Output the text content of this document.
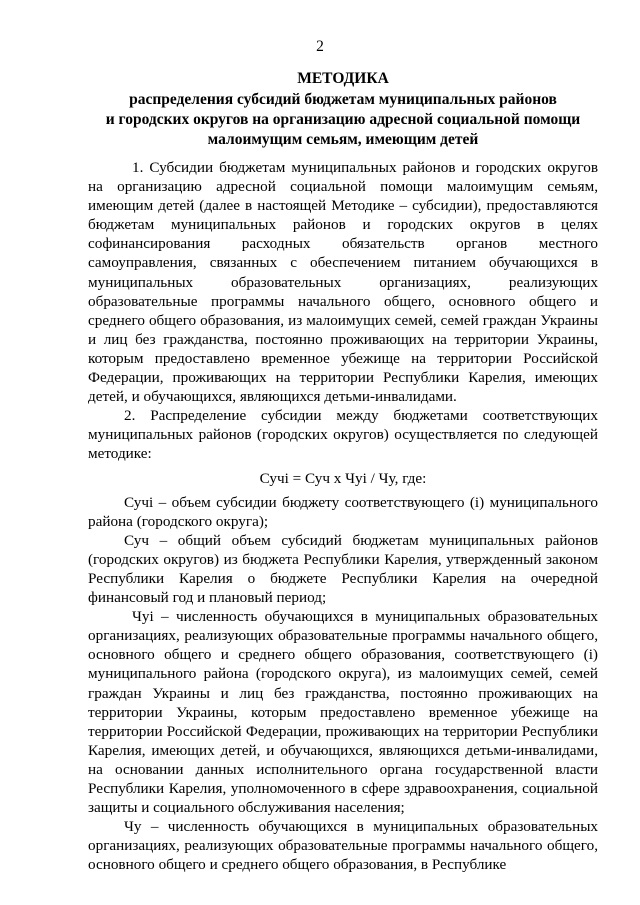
2
МЕТОДИКА
распределения субсидий бюджетам муниципальных районов
и городских округов на организацию адресной социальной помощи
малоимущим семьям, имеющим детей

1. Субсидии бюджетам муниципальных районов и городских округов на организацию адресной социальной помощи малоимущим семьям, имеющим детей (далее в настоящей Методике – субсидии), предоставляются бюджетам муниципальных районов и городских округов в целях софинансирования расходных обязательств органов местного самоуправления, связанных с обеспечением питанием обучающихся в муниципальных образовательных организациях, реализующих образовательные программы начального общего, основного общего и среднего общего образования, из малоимущих семей, семей граждан Украины и лиц без гражданства, постоянно проживающих на территории Украины, которым предоставлено временное убежище на территории Российской Федерации, проживающих на территории Республики Карелия, имеющих детей, и обучающихся, являющихся детьми-инвалидами.

2. Распределение субсидии между бюджетами соответствующих муниципальных районов (городских округов) осуществляется по следующей методике:

Сучі = Суч х Чуі / Чу, где:

Сучі – объем субсидии бюджету соответствующего (і) муниципального района (городского округа);

Суч – общий объем субсидий бюджетам муниципальных районов (городских округов) из бюджета Республики Карелия, утвержденный законом Республики Карелия о бюджете Республики Карелия на очередной финансовый год и плановый период;

Чуі – численность обучающихся в муниципальных образовательных организациях, реализующих образовательные программы начального общего, основного общего и среднего общего образования, соответствующего (і) муниципального района (городского округа), из малоимущих семей, семей граждан Украины и лиц без гражданства, постоянно проживающих на территории Украины, которым предоставлено временное убежище на территории Российской Федерации, проживающих на территории Республики Карелия, имеющих детей, и обучающихся, являющихся детьми-инвалидами, на основании данных исполнительного органа государственной власти Республики Карелия, уполномоченного в сфере здравоохранения, социальной защиты и социального обслуживания населения;

Чу – численность обучающихся в муниципальных образовательных организациях, реализующих образовательные программы начального общего, основного общего и среднего общего образования, в Республике
